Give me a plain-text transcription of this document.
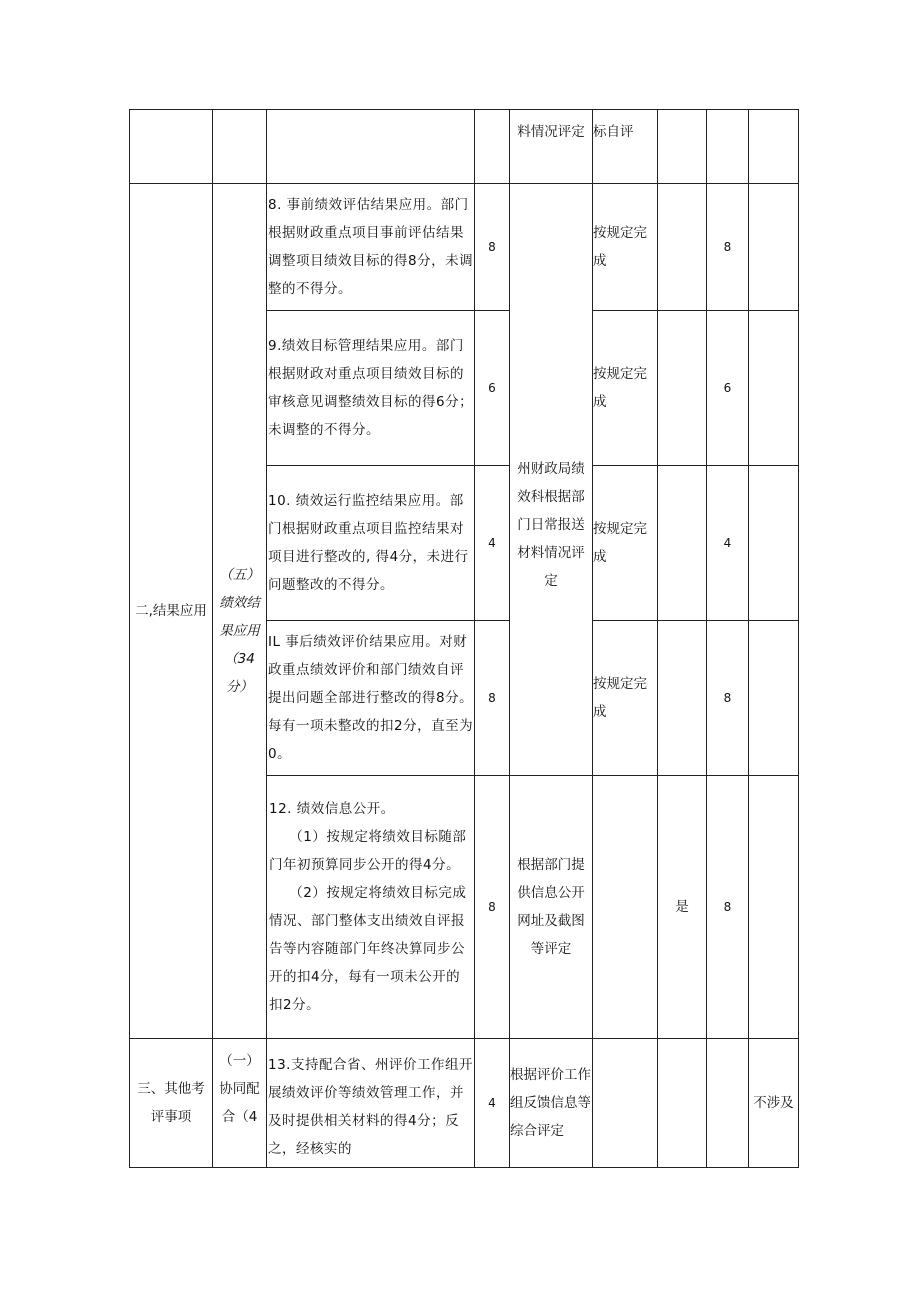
				料情况评定	标自评			

二,结果应用	（五）绩效结果应用（34分）	8. 事前绩效评估结果应用。部门根据财政重点项目事前评估结果调整项目绩效目标的得8分，未调整的不得分。	8	州财政局绩效科根据部门日常报送材料情况评定	按规定完成		8	

		9.绩效目标管理结果应用。部门根据财政对重点项目绩效目标的审核意见调整绩效目标的得6分；未调整的不得分。	6		按规定完成		6	

		10. 绩效运行监控结果应用。部门根据财政重点项目监控结果对项目进行整改的, 得4分，未进行问题整改的不得分。	4		按规定完成		4	

		IL 事后绩效评价结果应用。对财政重点绩效评价和部门绩效自评提出问题全部进行整改的得8分。每有一项未整改的扣2分，直至为0。	8		按规定完成		8	

		12. 绩效信息公开。
（1）按规定将绩效目标随部门年初预算同步公开的得4分。
（2）按规定将绩效目标完成情况、部门整体支出绩效自评报告等内容随部门年终决算同步公开的扣4分，每有一项未公开的扣2分。	8	根据部门提供信息公开网址及截图等评定		是	8	

三、其他考评事项	（一）协同配合（4	13.支持配合省、州评价工作组开展绩效评价等绩效管理工作，并及时提供相关材料的得4分；反之，经核实的	4	根据评价工作组反馈信息等综合评定				不涉及
